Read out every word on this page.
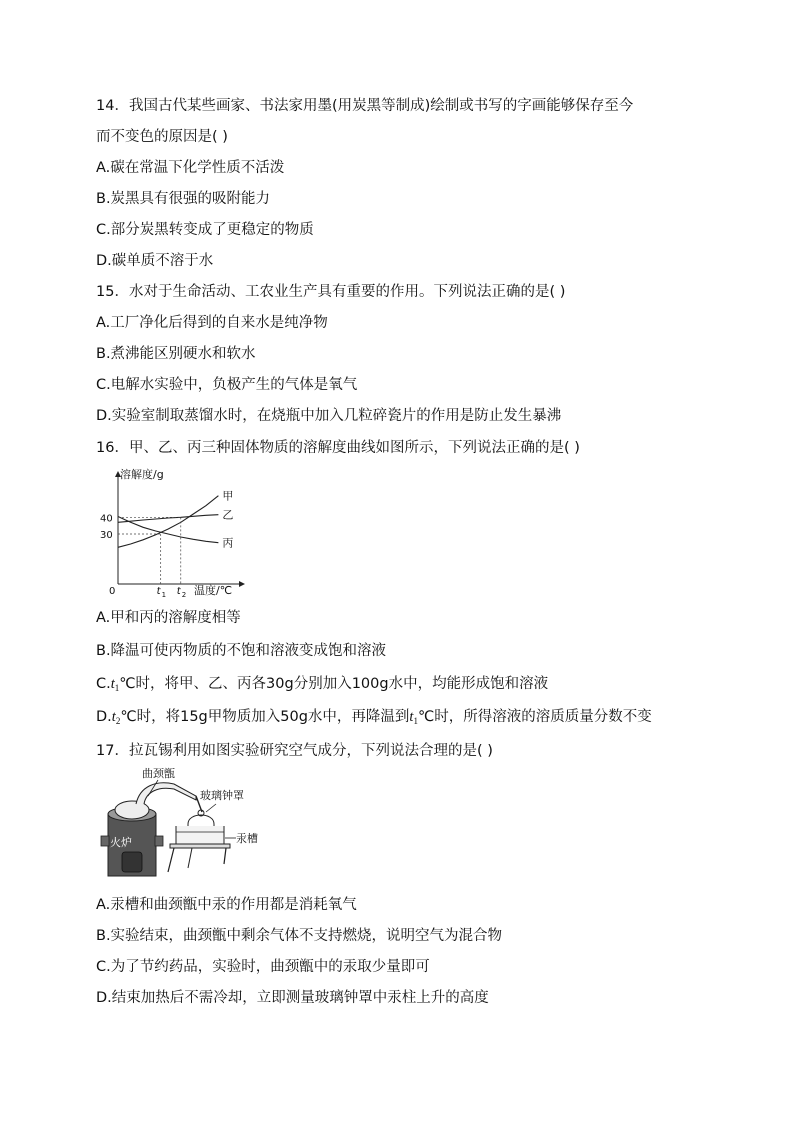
14．我国古代某些画家、书法家用墨(用炭黑等制成)绘制或书写的字画能够保存至今
而不变色的原因是( )
A.碳在常温下化学性质不活泼
B.炭黑具有很强的吸附能力
C.部分炭黑转变成了更稳定的物质
D.碳单质不溶于水
15．水对于生命活动、工农业生产具有重要的作用。下列说法正确的是( )
A.工厂净化后得到的自来水是纯净物
B.煮沸能区别硬水和软水
C.电解水实验中，负极产生的气体是氧气
D.实验室制取蒸馏水时，在烧瓶中加入几粒碎瓷片的作用是防止发生暴沸
16．甲、乙、丙三种固体物质的溶解度曲线如图所示，下列说法正确的是( )
溶解度/g
温度/℃
0
30
40
甲
乙
丙
t 1 t 2
A.甲和丙的溶解度相等
B.降温可使丙物质的不饱和溶液变成饱和溶液
$C.t_1℃$时，将甲、乙、丙各30g分别加入100g水中，均能形成饱和溶液
$D.t_2℃$时，将15g甲物质加入50g水中，再降温到$t_1℃$时，所得溶液的溶质质量分数不变
17．拉瓦锡利用如图实验研究空气成分，下列说法合理的是( )
火炉
曲颈甑
玻璃钟罩
汞槽
A.汞槽和曲颈甑中汞的作用都是消耗氧气
B.实验结束，曲颈甑中剩余气体不支持燃烧，说明空气为混合物
C.为了节约药品，实验时，曲颈甑中的汞取少量即可
D.结束加热后不需冷却，立即测量玻璃钟罩中汞柱上升的高度
